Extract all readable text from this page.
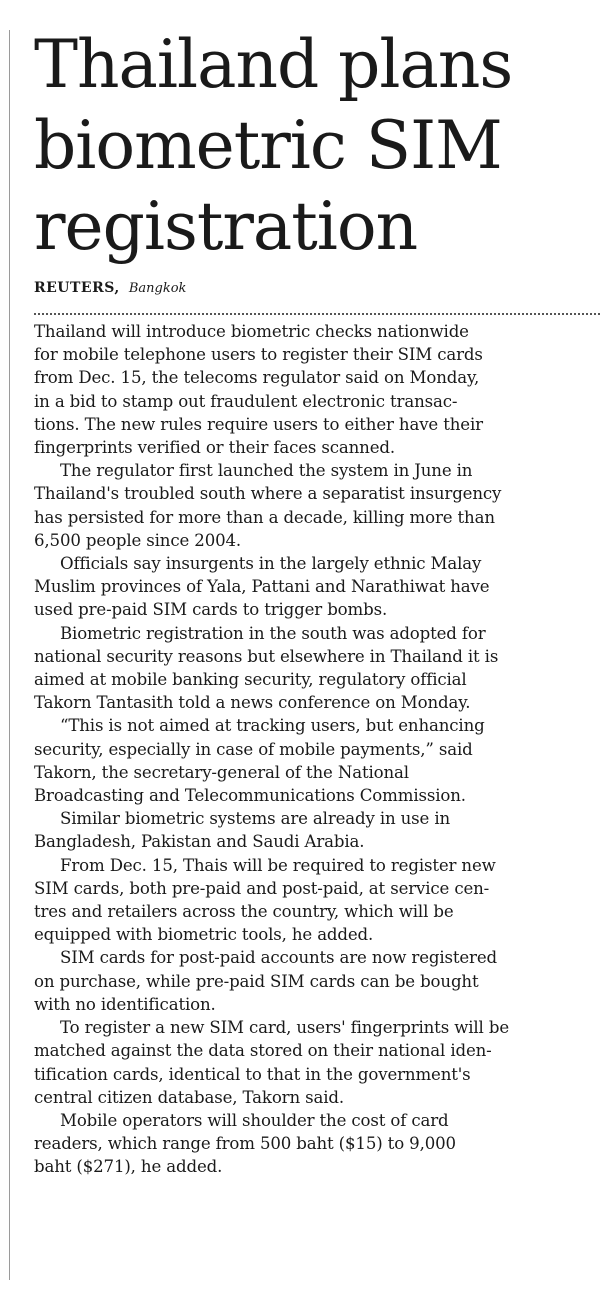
Thailand plans
biometric SIM
registration
REUTERS, Bangkok

Thailand will introduce biometric checks nationwide
for mobile telephone users to register their SIM cards
from Dec. 15, the telecoms regulator said on Monday,
in a bid to stamp out fraudulent electronic transac-
tions. The new rules require users to either have their
fingerprints verified or their faces scanned.

The regulator first launched the system in June in
Thailand's troubled south where a separatist insurgency
has persisted for more than a decade, killing more than
6,500 people since 2004.

Officials say insurgents in the largely ethnic Malay
Muslim provinces of Yala, Pattani and Narathiwat have
used pre-paid SIM cards to trigger bombs.

Biometric registration in the south was adopted for
national security reasons but elsewhere in Thailand it is
aimed at mobile banking security, regulatory official
Takorn Tantasith told a news conference on Monday.

“This is not aimed at tracking users, but enhancing
security, especially in case of mobile payments,” said
Takorn, the secretary-general of the National
Broadcasting and Telecommunications Commission.

Similar biometric systems are already in use in
Bangladesh, Pakistan and Saudi Arabia.

From Dec. 15, Thais will be required to register new
SIM cards, both pre-paid and post-paid, at service cen-
tres and retailers across the country, which will be
equipped with biometric tools, he added.

SIM cards for post-paid accounts are now registered
on purchase, while pre-paid SIM cards can be bought
with no identification.

To register a new SIM card, users' fingerprints will be
matched against the data stored on their national iden-
tification cards, identical to that in the government's
central citizen database, Takorn said.

Mobile operators will shoulder the cost of card
readers, which range from 500 baht ($15) to 9,000
baht ($271), he added.
